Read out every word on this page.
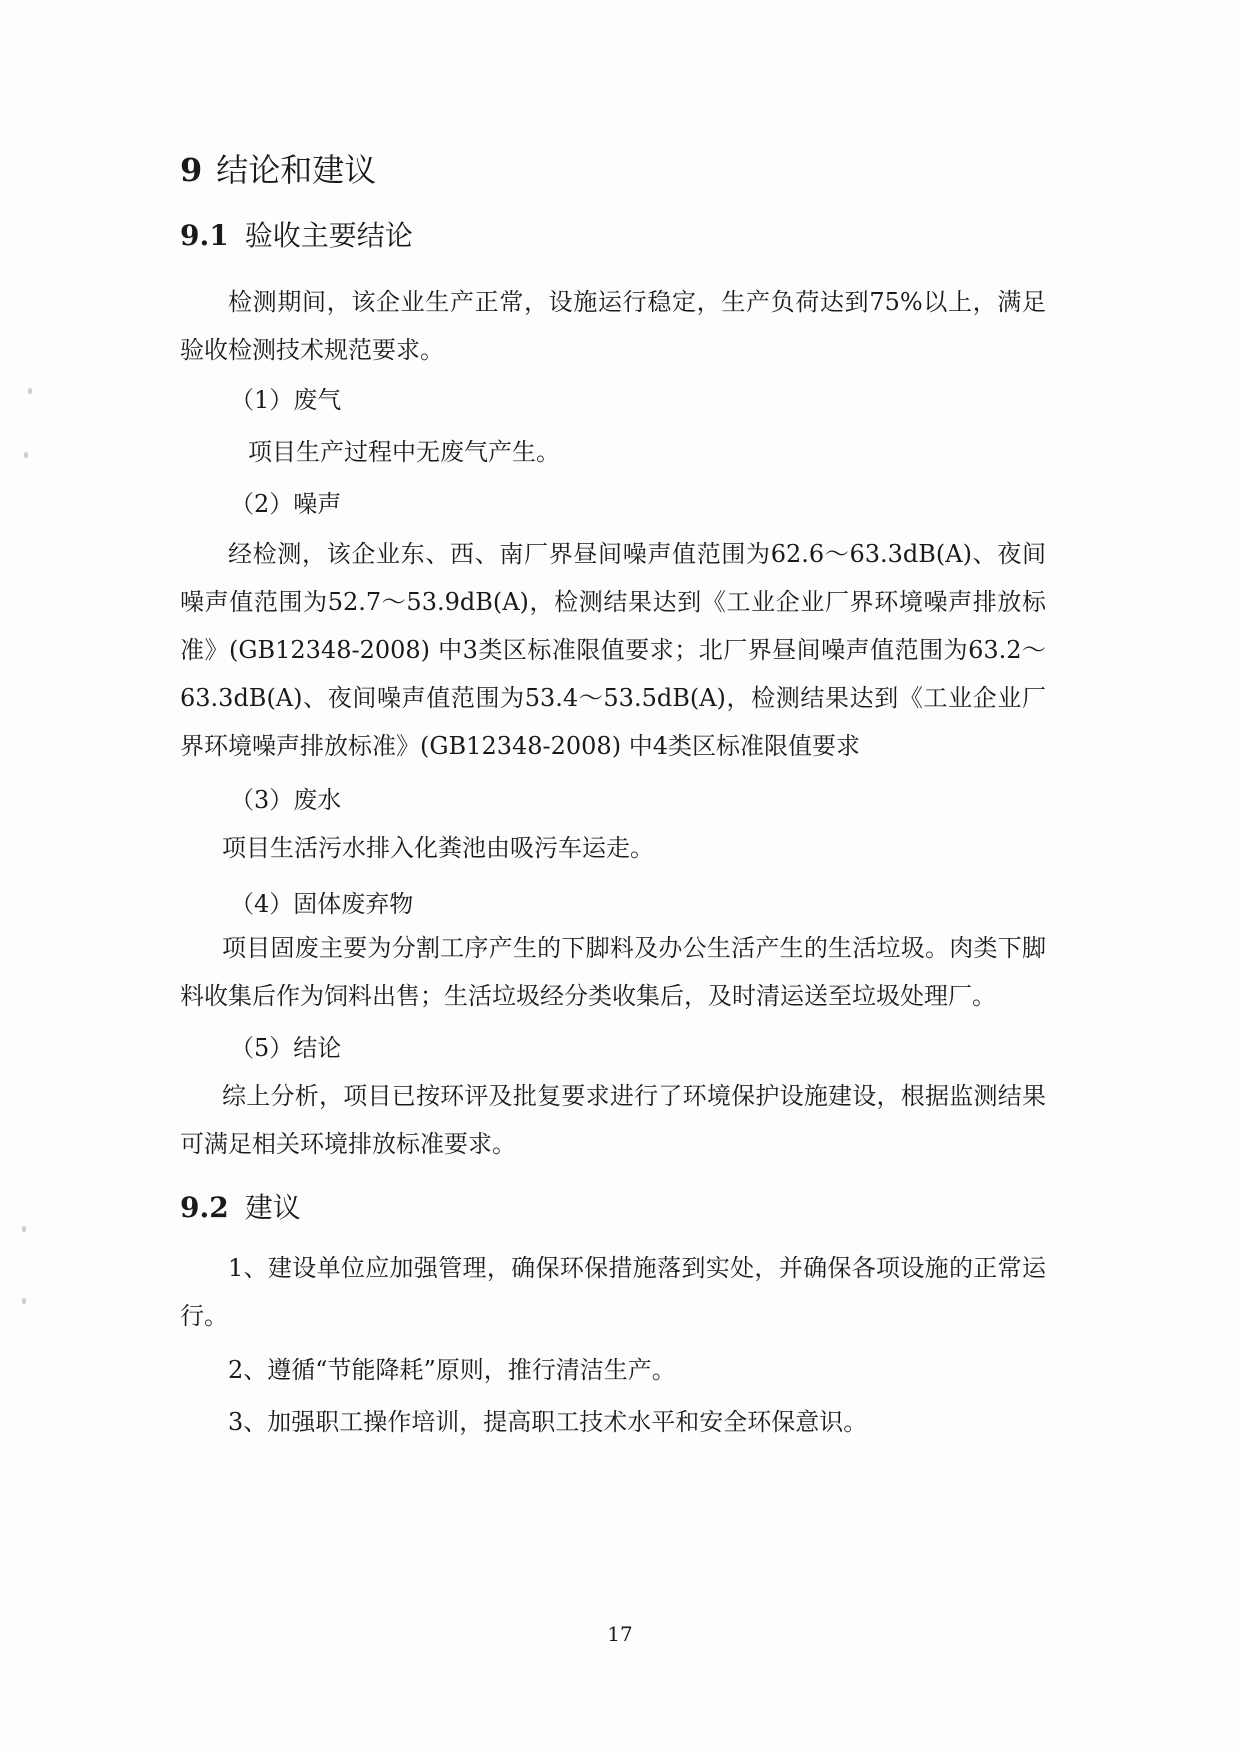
9 结论和建议
9.1 验收主要结论
检测期间，该企业生产正常，设施运行稳定，生产负荷达到75%以上，满足验收检测技术规范要求。
（1）废气
项目生产过程中无废气产生。
（2）噪声
经检测，该企业东、西、南厂界昼间噪声值范围为62.6～63.3dB(A)、夜间噪声值范围为52.7～53.9dB(A)，检测结果达到《工业企业厂界环境噪声排放标准》(GB12348-2008) 中3类区标准限值要求；北厂界昼间噪声值范围为63.2～63.3dB(A)、夜间噪声值范围为53.4～53.5dB(A)，检测结果达到《工业企业厂界环境噪声排放标准》(GB12348-2008) 中4类区标准限值要求
（3）废水
项目生活污水排入化粪池由吸污车运走。
（4）固体废弃物
项目固废主要为分割工序产生的下脚料及办公生活产生的生活垃圾。肉类下脚料收集后作为饲料出售；生活垃圾经分类收集后，及时清运送至垃圾处理厂。
（5）结论
综上分析，项目已按环评及批复要求进行了环境保护设施建设，根据监测结果可满足相关环境排放标准要求。
9.2 建议
1、建设单位应加强管理，确保环保措施落到实处，并确保各项设施的正常运行。
2、遵循“节能降耗”原则，推行清洁生产。
3、加强职工操作培训，提高职工技术水平和安全环保意识。
17
